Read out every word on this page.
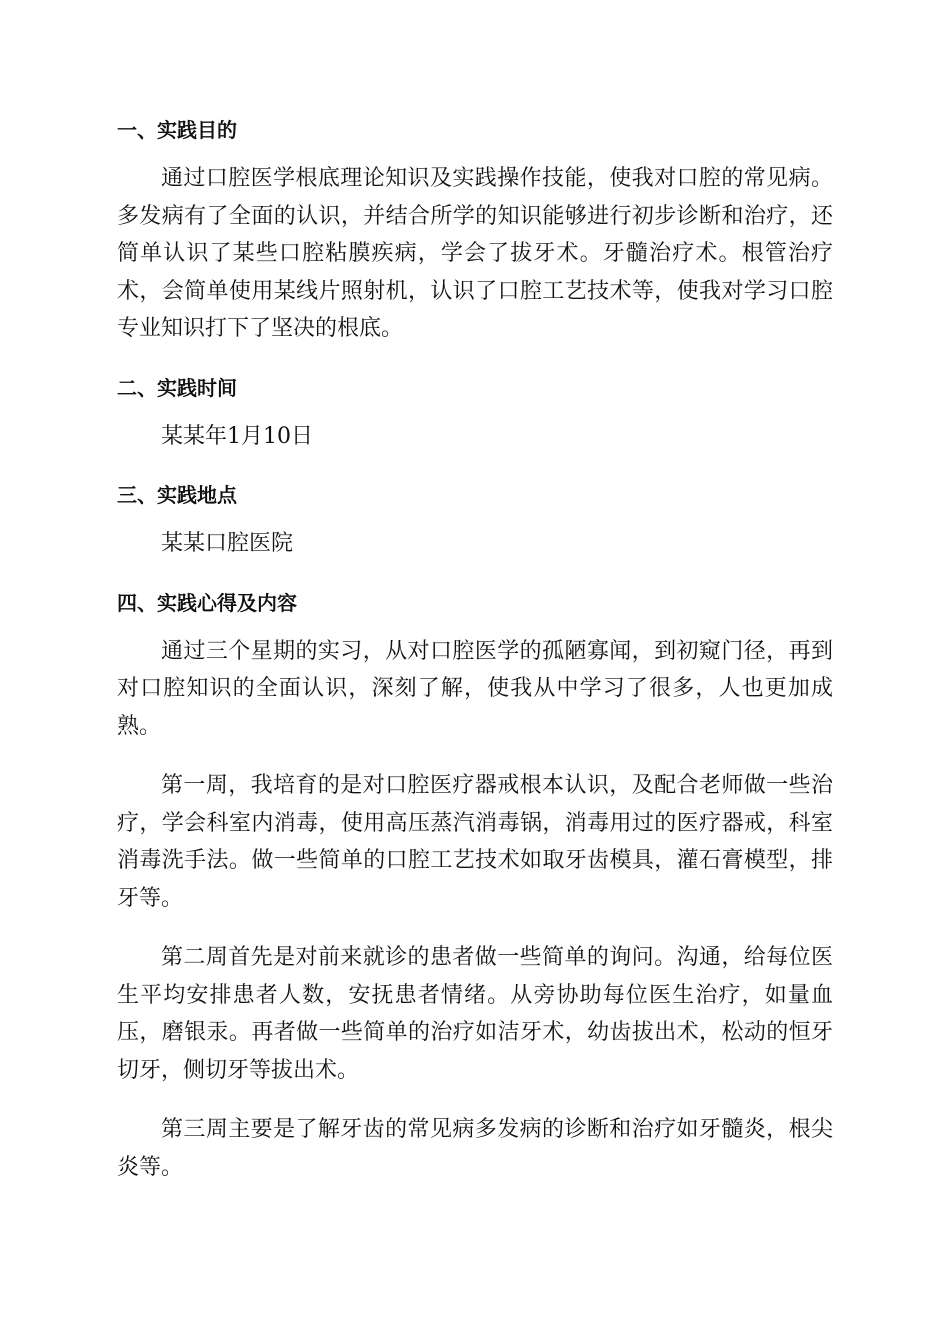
一、实践目的

通过口腔医学根底理论知识及实践操作技能，使我对口腔的常见病。多发病有了全面的认识，并结合所学的知识能够进行初步诊断和治疗，还简单认识了某些口腔粘膜疾病，学会了拔牙术。牙髓治疗术。根管治疗术，会简单使用某线片照射机，认识了口腔工艺技术等，使我对学习口腔专业知识打下了坚决的根底。

二、实践时间

某某年1月10日

三、实践地点

某某口腔医院

四、实践心得及内容

通过三个星期的实习，从对口腔医学的孤陋寡闻，到初窥门径，再到对口腔知识的全面认识，深刻了解，使我从中学习了很多，人也更加成熟。

第一周，我培育的是对口腔医疗器戒根本认识，及配合老师做一些治疗，学会科室内消毒，使用高压蒸汽消毒锅，消毒用过的医疗器戒，科室消毒洗手法。做一些简单的口腔工艺技术如取牙齿模具，灌石膏模型，排牙等。

第二周首先是对前来就诊的患者做一些简单的询问。沟通，给每位医生平均安排患者人数，安抚患者情绪。从旁协助每位医生治疗，如量血压，磨银汞。再者做一些简单的治疗如洁牙术，幼齿拔出术，松动的恒牙切牙，侧切牙等拔出术。

第三周主要是了解牙齿的常见病多发病的诊断和治疗如牙髓炎，根尖炎等。
